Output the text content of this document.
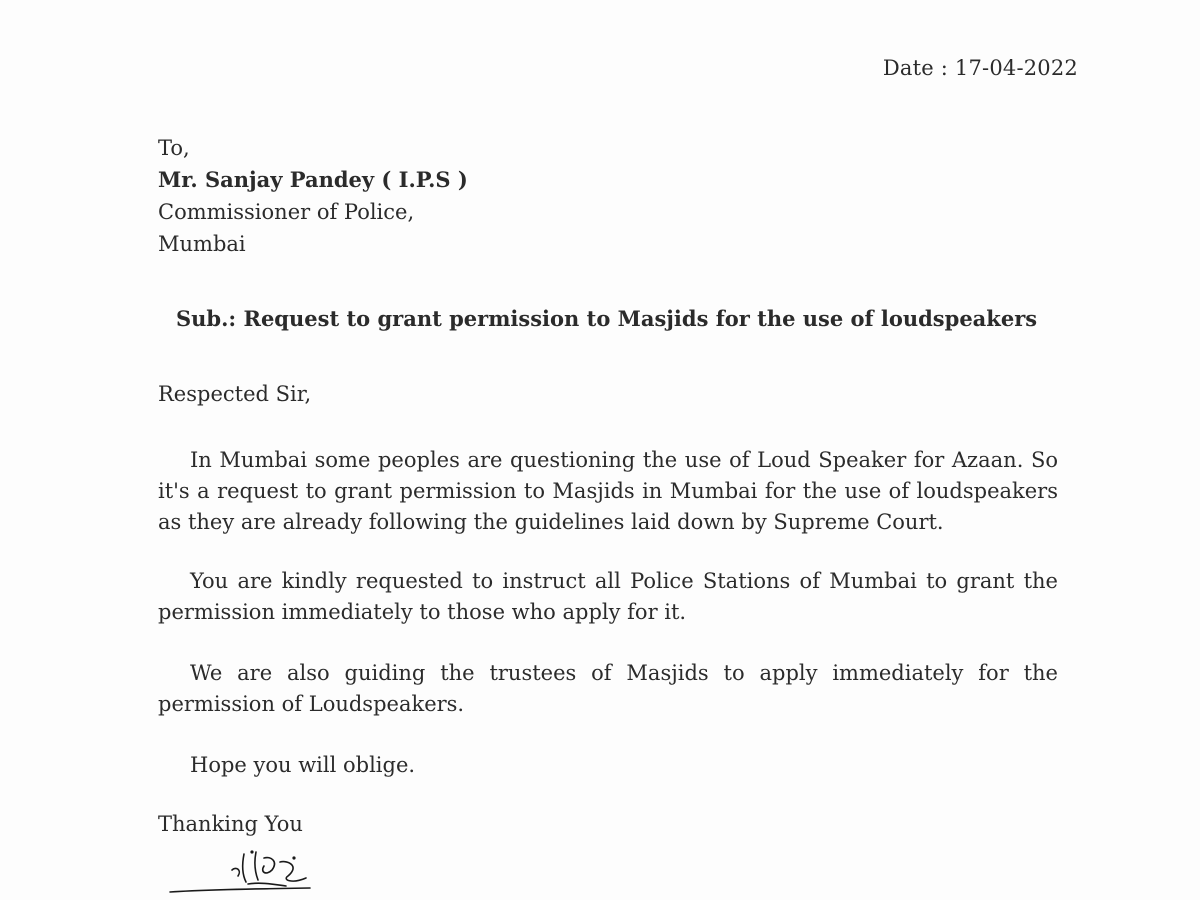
Date : 17-04-2022
To,
Mr. Sanjay Pandey ( I.P.S )
Commissioner of Police,
Mumbai
Sub.: Request to grant permission to Masjids for the use of loudspeakers
Respected Sir,
In Mumbai some peoples are questioning the use of Loud Speaker for Azaan. So it's a request to grant permission to Masjids in Mumbai for the use of loudspeakers as they are already following the guidelines laid down by Supreme Court.
You are kindly requested to instruct all Police Stations of Mumbai to grant the permission immediately to those who apply for it.
We are also guiding the trustees of Masjids to apply immediately for the permission of Loudspeakers.
Hope you will oblige.
Thanking You
